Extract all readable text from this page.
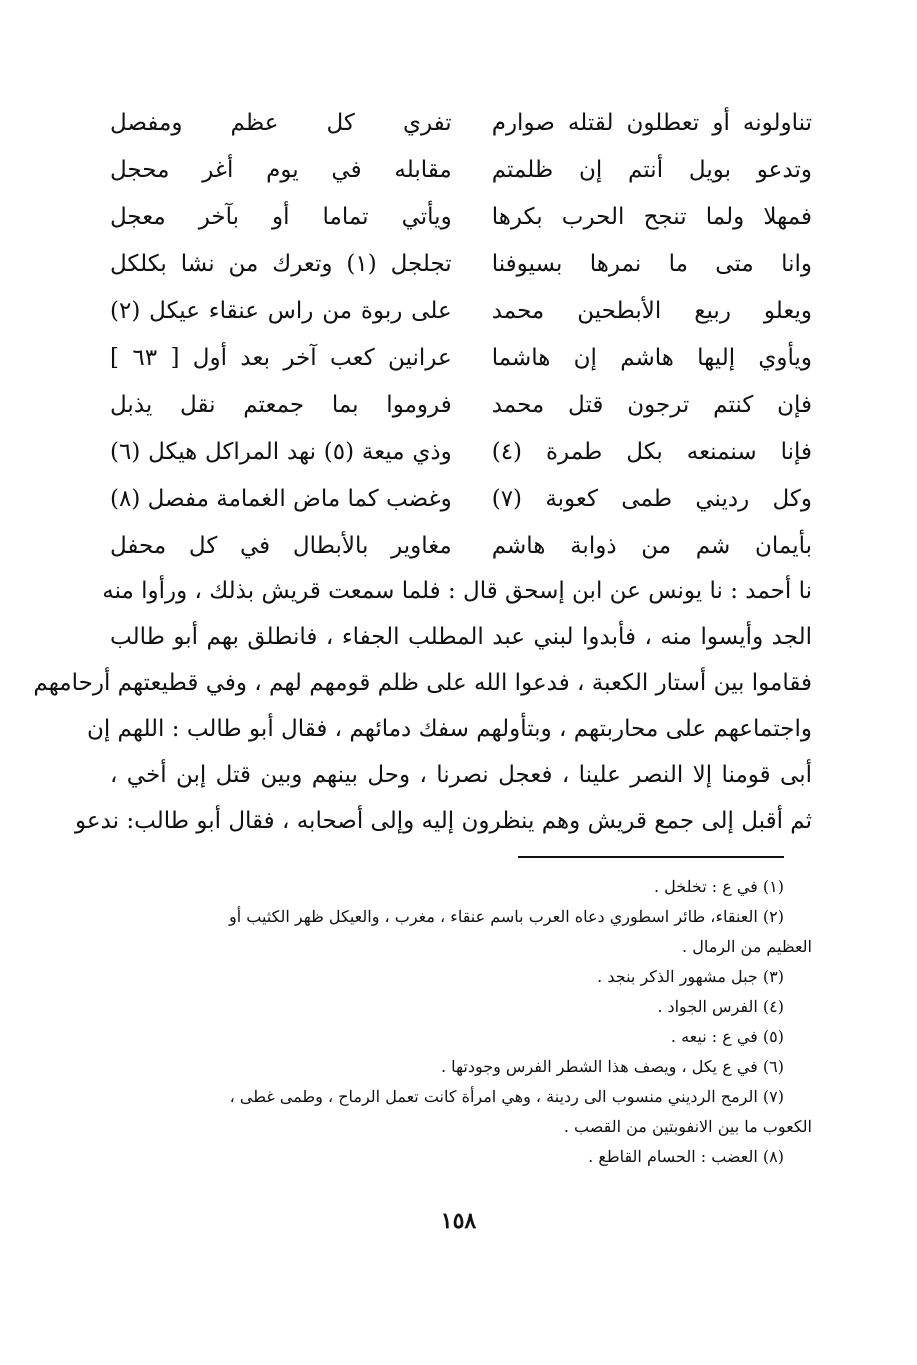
تناولونه أو تعطلون لقتله صوارم
تفري كل عظم ومفصل
وتدعو بويل أنتم إن ظلمتم
مقابله في يوم أغر محجل
فمهلا ولما تنجح الحرب بكرها
ويأتي تماما أو بآخر معجل
وانا متى ما نمرها بسيوفنا
تجلجل (١) وتعرك من نشا بكلكل
ويعلو ربيع الأبطحين محمد
على ربوة من راس عنقاء عيكل (٢)
ويأوي إليها هاشم إن هاشما
عرانين كعب آخر بعد أول [ ٦٣ ]
فإن كنتم ترجون قتل محمد
فروموا بما جمعتم نقل يذبل
فإنا سنمنعه بكل طمرة (٤)
وذي ميعة (٥) نهد المراكل هيكل (٦)
وكل رديني طمى كعوبة (٧)
وغضب كما ماض الغمامة مفصل (٨)
بأيمان شم من ذوابة هاشم
مغاوير بالأبطال في كل محفل
نا أحمد : نا يونس عن ابن إسحق قال : فلما سمعت قريش بذلك ، ورأوا منه
الجد وأيسوا منه ، فأبدوا لبني عبد المطلب الجفاء ، فانطلق بهم أبو طالب
فقاموا بين أستار الكعبة ، فدعوا الله على ظلم قومهم لهم ، وفي قطيعتهم أرحامهم
واجتماعهم على محاربتهم ، وبتأولهم سفك دمائهم ، فقال أبو طالب : اللهم إن
أبى قومنا إلا النصر علينا ، فعجل نصرنا ، وحل بينهم وبين قتل إبن أخي ،
ثم أقبل إلى جمع قريش وهم ينظرون إليه وإلى أصحابه ، فقال أبو طالب: ندعو
(١) في ع : تخلخل .
(٢) العنقاء، طائر اسطوري دعاه العرب باسم عنقاء ، مغرب ، والعيكل ظهر الكثيب أو
العظيم من الرمال .
(٣) جبل مشهور الذكر بنجد .
(٤) الفرس الجواد .
(٥) في ع : نيعه .
(٦) في ع يكل ، ويصف هذا الشطر الفرس وجودتها .
(٧) الرمح الرديني منسوب الى ردينة ، وهي امرأة كانت تعمل الرماح ، وطمى غطى ،
الكعوب ما بين الانفوبتين من القصب .
(٨) العضب : الحسام القاطع .
١٥٨
